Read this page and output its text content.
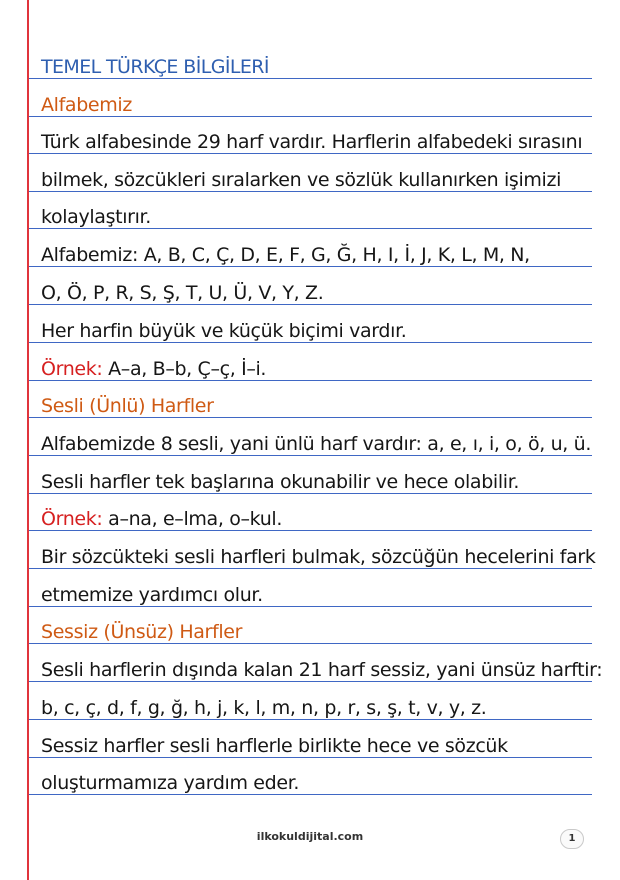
TEMEL TÜRKÇE BİLGİLERİ
Alfabemiz
Türk alfabesinde 29 harf vardır. Harflerin alfabedeki sırasını
bilmek, sözcükleri sıralarken ve sözlük kullanırken işimizi
kolaylaştırır.
Alfabemiz: A, B, C, Ç, D, E, F, G, Ğ, H, I, İ, J, K, L, M, N,
O, Ö, P, R, S, Ş, T, U, Ü, V, Y, Z.
Her harfin büyük ve küçük biçimi vardır.
Örnek: A–a, B–b, Ç–ç, İ–i.
Sesli (Ünlü) Harfler
Alfabemizde 8 sesli, yani ünlü harf vardır: a, e, ı, i, o, ö, u, ü.
Sesli harfler tek başlarına okunabilir ve hece olabilir.
Örnek: a–na, e–lma, o–kul.
Bir sözcükteki sesli harfleri bulmak, sözcüğün hecelerini fark
etmemize yardımcı olur.
Sessiz (Ünsüz) Harfler
Sesli harflerin dışında kalan 21 harf sessiz, yani ünsüz harftir:
b, c, ç, d, f, g, ğ, h, j, k, l, m, n, p, r, s, ş, t, v, y, z.
Sessiz harfler sesli harflerle birlikte hece ve sözcük
oluşturmamıza yardım eder.
ilkokuldijital.com	1
